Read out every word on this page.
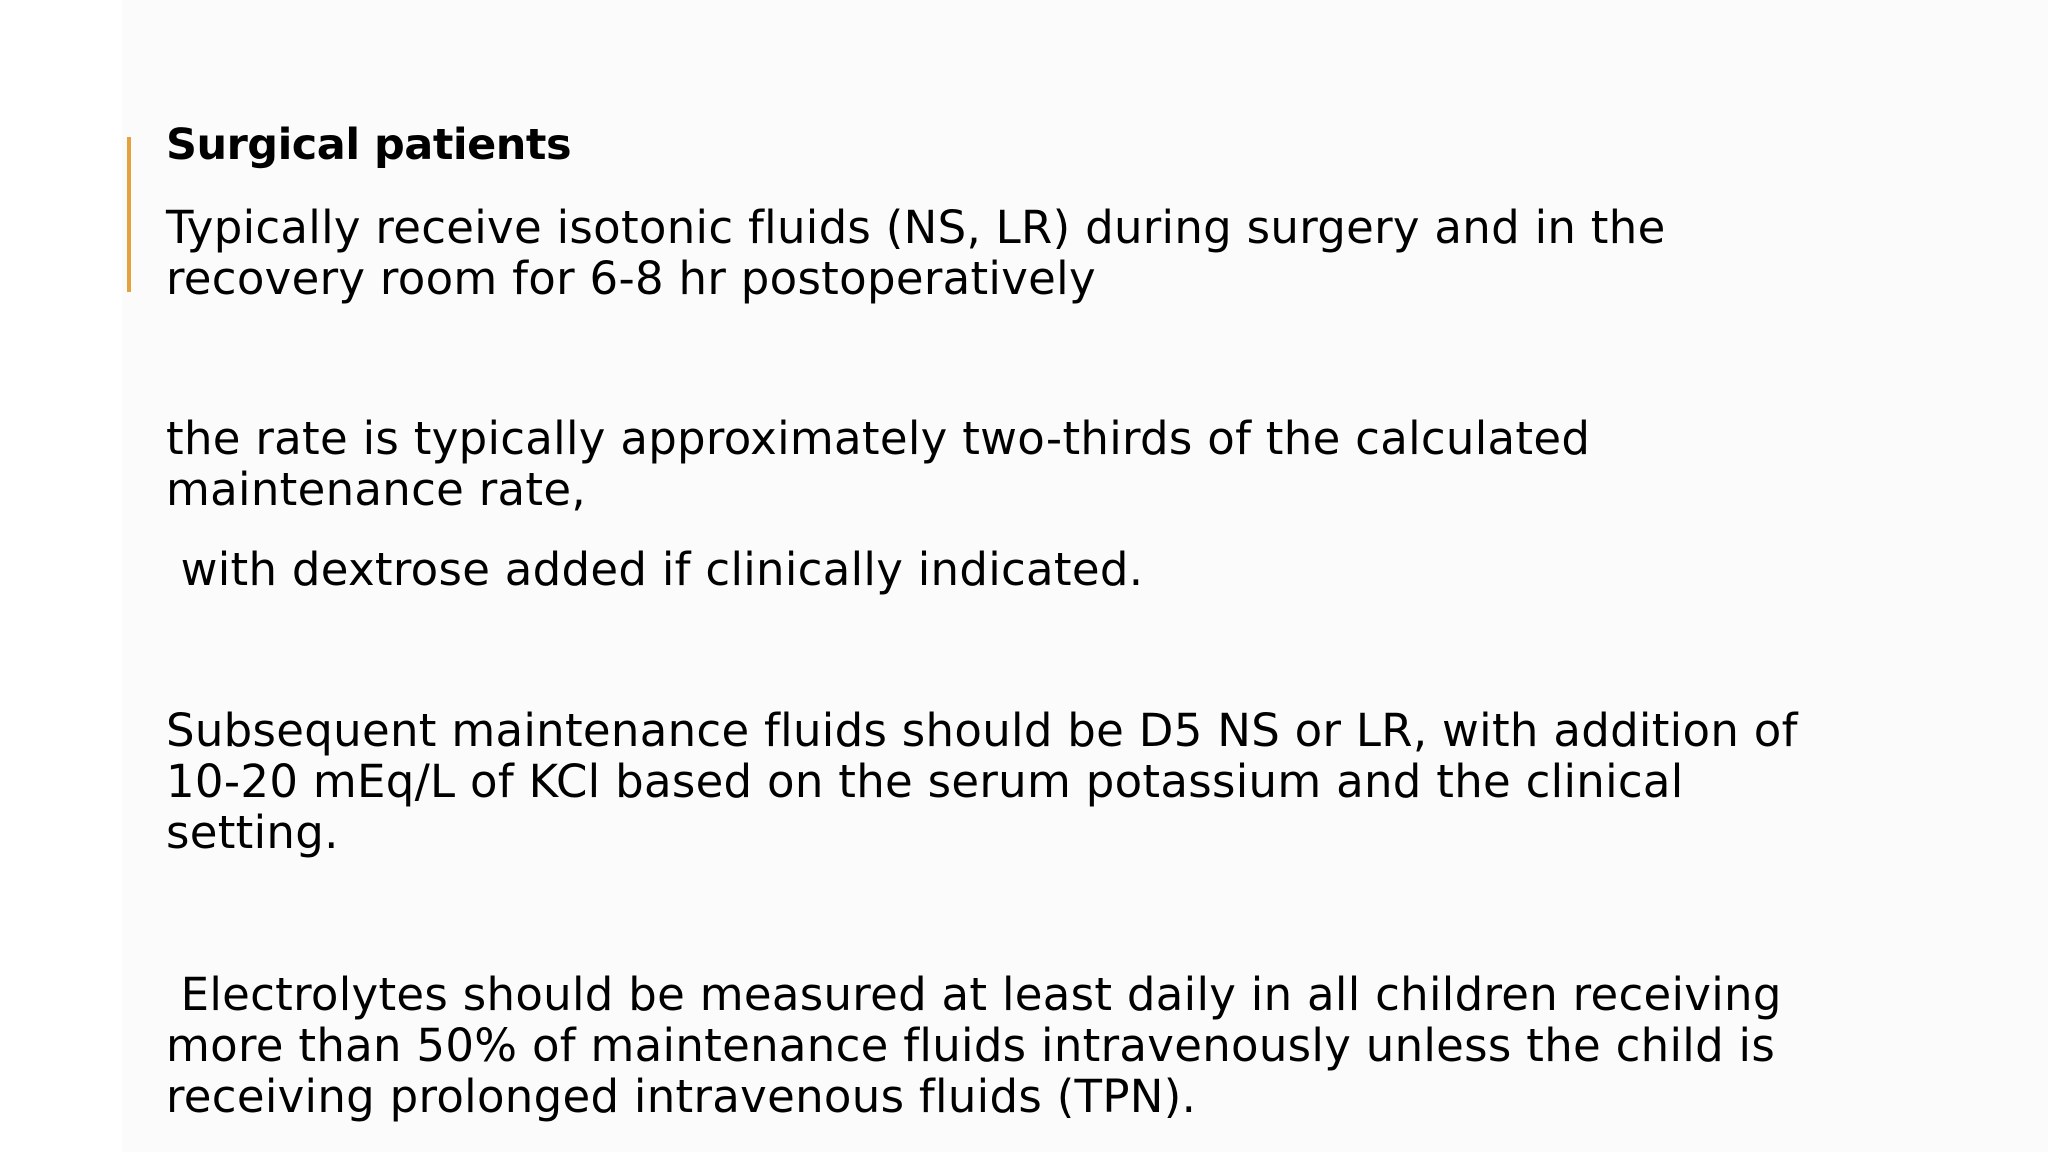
Surgical patients
Typically receive isotonic fluids (NS, LR) during surgery and in the
recovery room for 6-8 hr postoperatively
the rate is typically approximately two-thirds of the calculated
maintenance rate,
with dextrose added if clinically indicated.
Subsequent maintenance fluids should be D5 NS or LR, with addition of
10-20 mEq/L of KCl based on the serum potassium and the clinical
setting.
Electrolytes should be measured at least daily in all children receiving
more than 50% of maintenance fluids intravenously unless the child is
receiving prolonged intravenous fluids (TPN).
